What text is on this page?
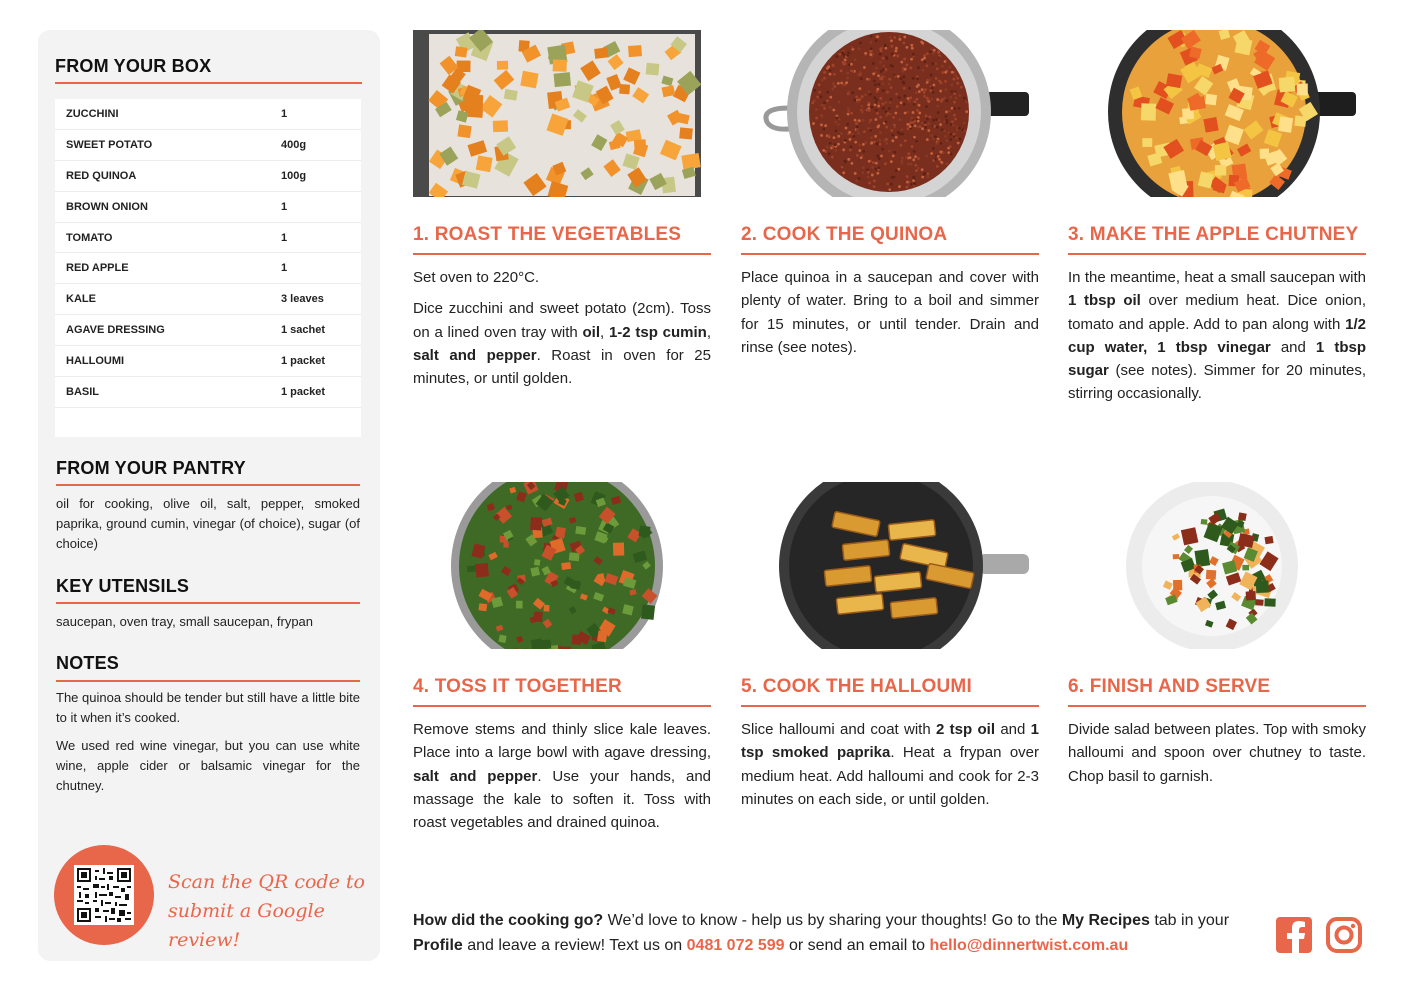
FROM YOUR BOX
ZUCCHINI	1
SWEET POTATO	400g
RED QUINOA	100g
BROWN ONION	1
TOMATO	1
RED APPLE	1
KALE	3 leaves
AGAVE DRESSING	1 sachet
HALLOUMI	1 packet
BASIL	1 packet
FROM YOUR PANTRY
oil for cooking, olive oil, salt, pepper, smoked paprika, ground cumin, vinegar (of choice), sugar (of choice)
KEY UTENSILS
saucepan, oven tray, small saucepan, frypan
NOTES
The quinoa should be tender but still have a little bite to it when it’s cooked.
We used red wine vinegar, but you can use white wine, apple cider or balsamic vinegar for the chutney.
Scan the QR code to
submit a Google review!
1. ROAST THE VEGETABLES

Set oven to 220°C.

Dice zucchini and sweet potato (2cm). Toss on a lined oven tray with oil, 1-2 tsp cumin, salt and pepper. Roast in oven for 25 minutes, or until golden.

2. COOK THE QUINOA

Place quinoa in a saucepan and cover with plenty of water. Bring to a boil and simmer for 15 minutes, or until tender. Drain and rinse (see notes).

3. MAKE THE APPLE CHUTNEY

In the meantime, heat a small saucepan with 1 tbsp oil over medium heat. Dice onion, tomato and apple. Add to pan along with 1/2 cup water, 1 tbsp vinegar and 1 tbsp sugar (see notes). Simmer for 20 minutes, stirring occasionally.

4. TOSS IT TOGETHER

Remove stems and thinly slice kale leaves. Place into a large bowl with agave dressing, salt and pepper. Use your hands, and massage the kale to soften it. Toss with roast vegetables and drained quinoa.

5. COOK THE HALLOUMI

Slice halloumi and coat with 2 tsp oil and 1 tsp smoked paprika. Heat a frypan over medium heat. Add halloumi and cook for 2-3 minutes on each side, or until golden.

6. FINISH AND SERVE

Divide salad between plates. Top with smoky halloumi and spoon over chutney to taste. Chop basil to garnish.

How did the cooking go? We’d love to know - help us by sharing your thoughts! Go to the My Recipes tab in your Profile and leave a review! Text us on 0481 072 599 or send an email to hello@dinnertwist.com.au
